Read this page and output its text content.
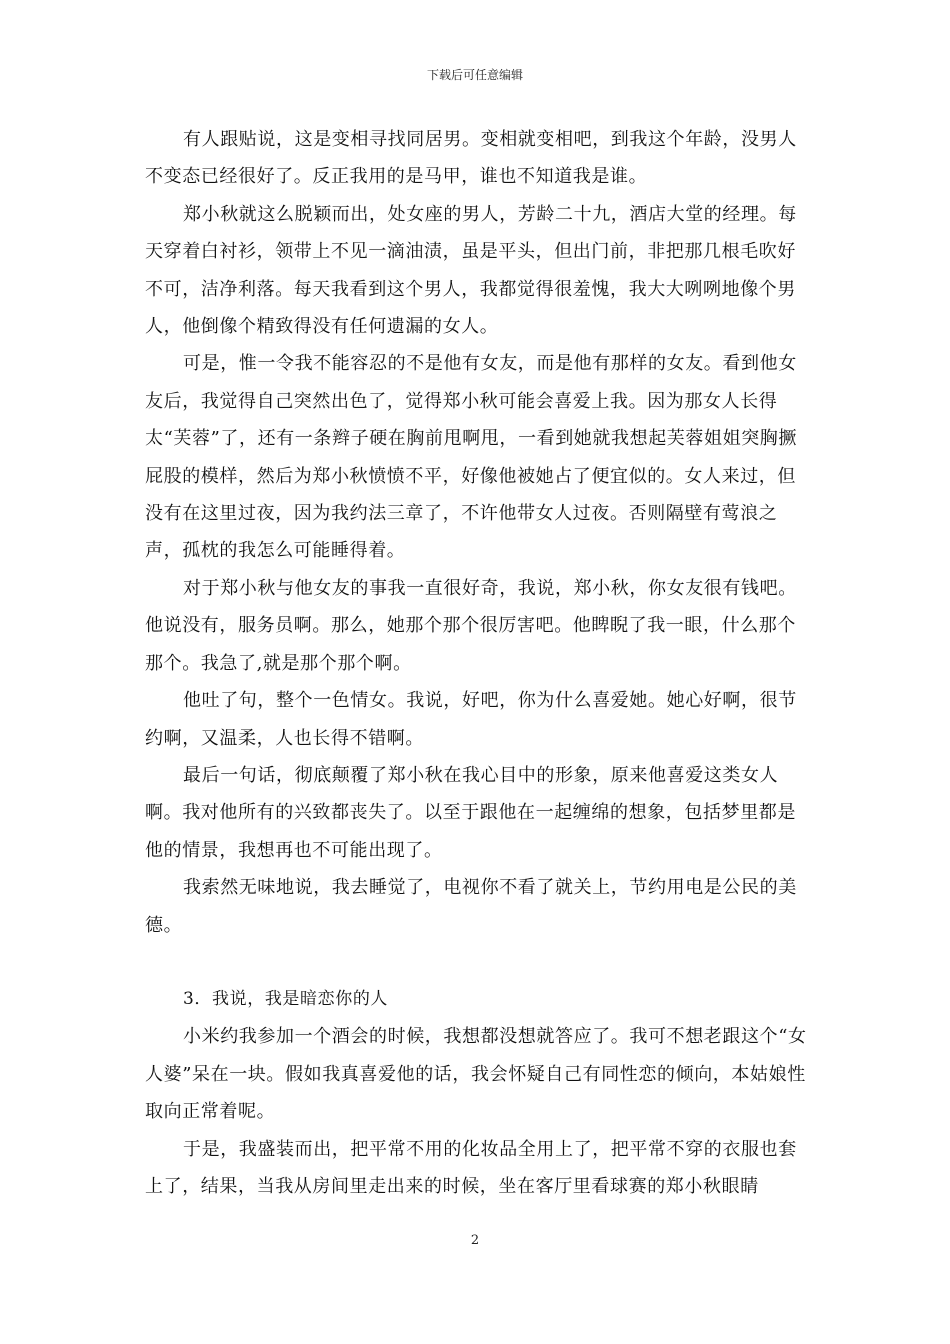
下载后可任意编辑

有人跟贴说，这是变相寻找同居男。变相就变相吧，到我这个年龄，没男人不变态已经很好了。反正我用的是马甲，谁也不知道我是谁。

郑小秋就这么脱颖而出，处女座的男人，芳龄二十九，酒店大堂的经理。每天穿着白衬衫，领带上不见一滴油渍，虽是平头，但出门前，非把那几根毛吹好不可，洁净利落。每天我看到这个男人，我都觉得很羞愧，我大大咧咧地像个男人，他倒像个精致得没有任何遗漏的女人。

可是，惟一令我不能容忍的不是他有女友，而是他有那样的女友。看到他女友后，我觉得自己突然出色了，觉得郑小秋可能会喜爱上我。因为那女人长得太“芙蓉”了，还有一条辫子硬在胸前甩啊甩，一看到她就我想起芙蓉姐姐突胸撅屁股的模样，然后为郑小秋愤愤不平，好像他被她占了便宜似的。女人来过，但没有在这里过夜，因为我约法三章了，不许他带女人过夜。否则隔壁有莺浪之声，孤枕的我怎么可能睡得着。

对于郑小秋与他女友的事我一直很好奇，我说，郑小秋，你女友很有钱吧。他说没有，服务员啊。那么，她那个那个很厉害吧。他睥睨了我一眼，什么那个那个。我急了,就是那个那个啊。

他吐了句，整个一色情女。我说，好吧，你为什么喜爱她。她心好啊，很节约啊，又温柔，人也长得不错啊。

最后一句话，彻底颠覆了郑小秋在我心目中的形象，原来他喜爱这类女人啊。我对他所有的兴致都丧失了。以至于跟他在一起缠绵的想象，包括梦里都是他的情景，我想再也不可能出现了。

我索然无味地说，我去睡觉了，电视你不看了就关上，节约用电是公民的美德。

3．我说，我是暗恋你的人

小米约我参加一个酒会的时候，我想都没想就答应了。我可不想老跟这个“女人婆”呆在一块。假如我真喜爱他的话，我会怀疑自己有同性恋的倾向，本姑娘性取向正常着呢。

于是，我盛装而出，把平常不用的化妆品全用上了，把平常不穿的衣服也套上了，结果，当我从房间里走出来的时候，坐在客厅里看球赛的郑小秋眼睛

2
